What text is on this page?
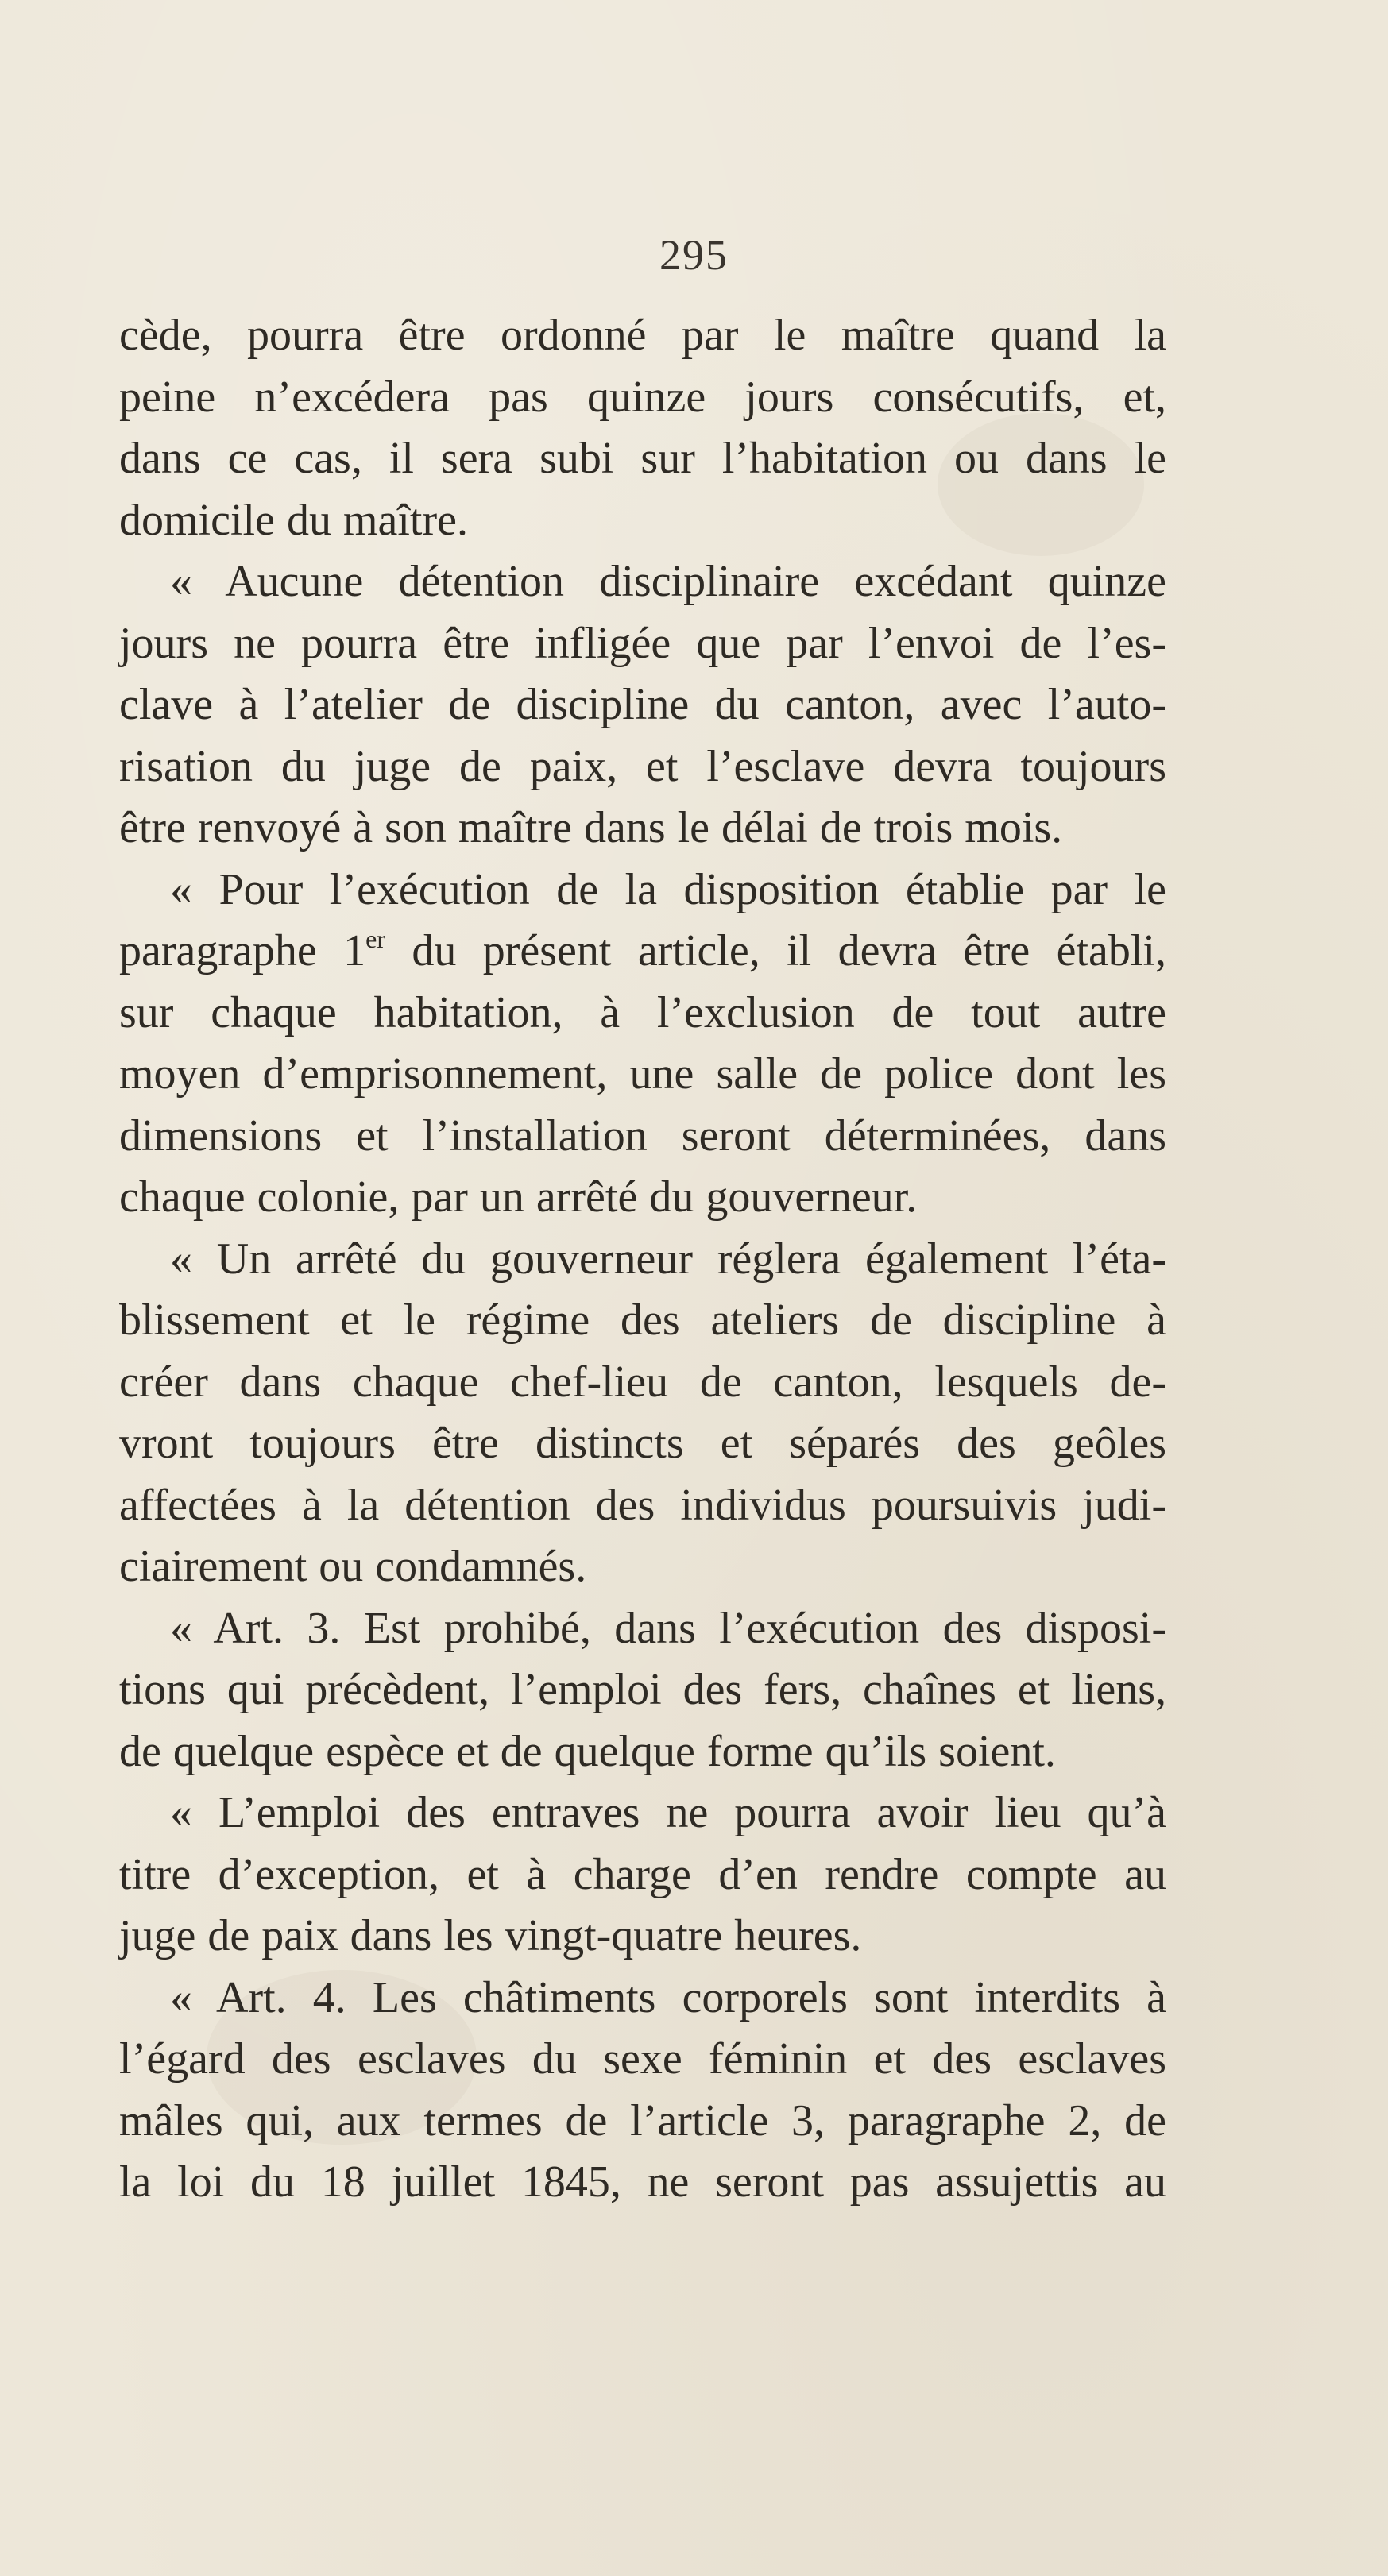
295
cède, pourra être ordonné par le maître quand la
peine n’excédera pas quinze jours consécutifs, et,
dans ce cas, il sera subi sur l’habitation ou dans le
domicile du maître.
« Aucune détention disciplinaire excédant quinze
jours ne pourra être infligée que par l’envoi de l’es-
clave à l’atelier de discipline du canton, avec l’auto-
risation du juge de paix, et l’esclave devra toujours
être renvoyé à son maître dans le délai de trois mois.
« Pour l’exécution de la disposition établie par le
paragraphe 1er du présent article, il devra être établi,
sur chaque habitation, à l’exclusion de tout autre
moyen d’emprisonnement, une salle de police dont les
dimensions et l’installation seront déterminées, dans
chaque colonie, par un arrêté du gouverneur.
« Un arrêté du gouverneur réglera également l’éta-
blissement et le régime des ateliers de discipline à
créer dans chaque chef-lieu de canton, lesquels de-
vront toujours être distincts et séparés des geôles
affectées à la détention des individus poursuivis judi-
ciairement ou condamnés.
« Art. 3. Est prohibé, dans l’exécution des disposi-
tions qui précèdent, l’emploi des fers, chaînes et liens,
de quelque espèce et de quelque forme qu’ils soient.
« L’emploi des entraves ne pourra avoir lieu qu’à
titre d’exception, et à charge d’en rendre compte au
juge de paix dans les vingt-quatre heures.
« Art. 4. Les châtiments corporels sont interdits à
l’égard des esclaves du sexe féminin et des esclaves
mâles qui, aux termes de l’article 3, paragraphe 2, de
la loi du 18 juillet 1845, ne seront pas assujettis au
